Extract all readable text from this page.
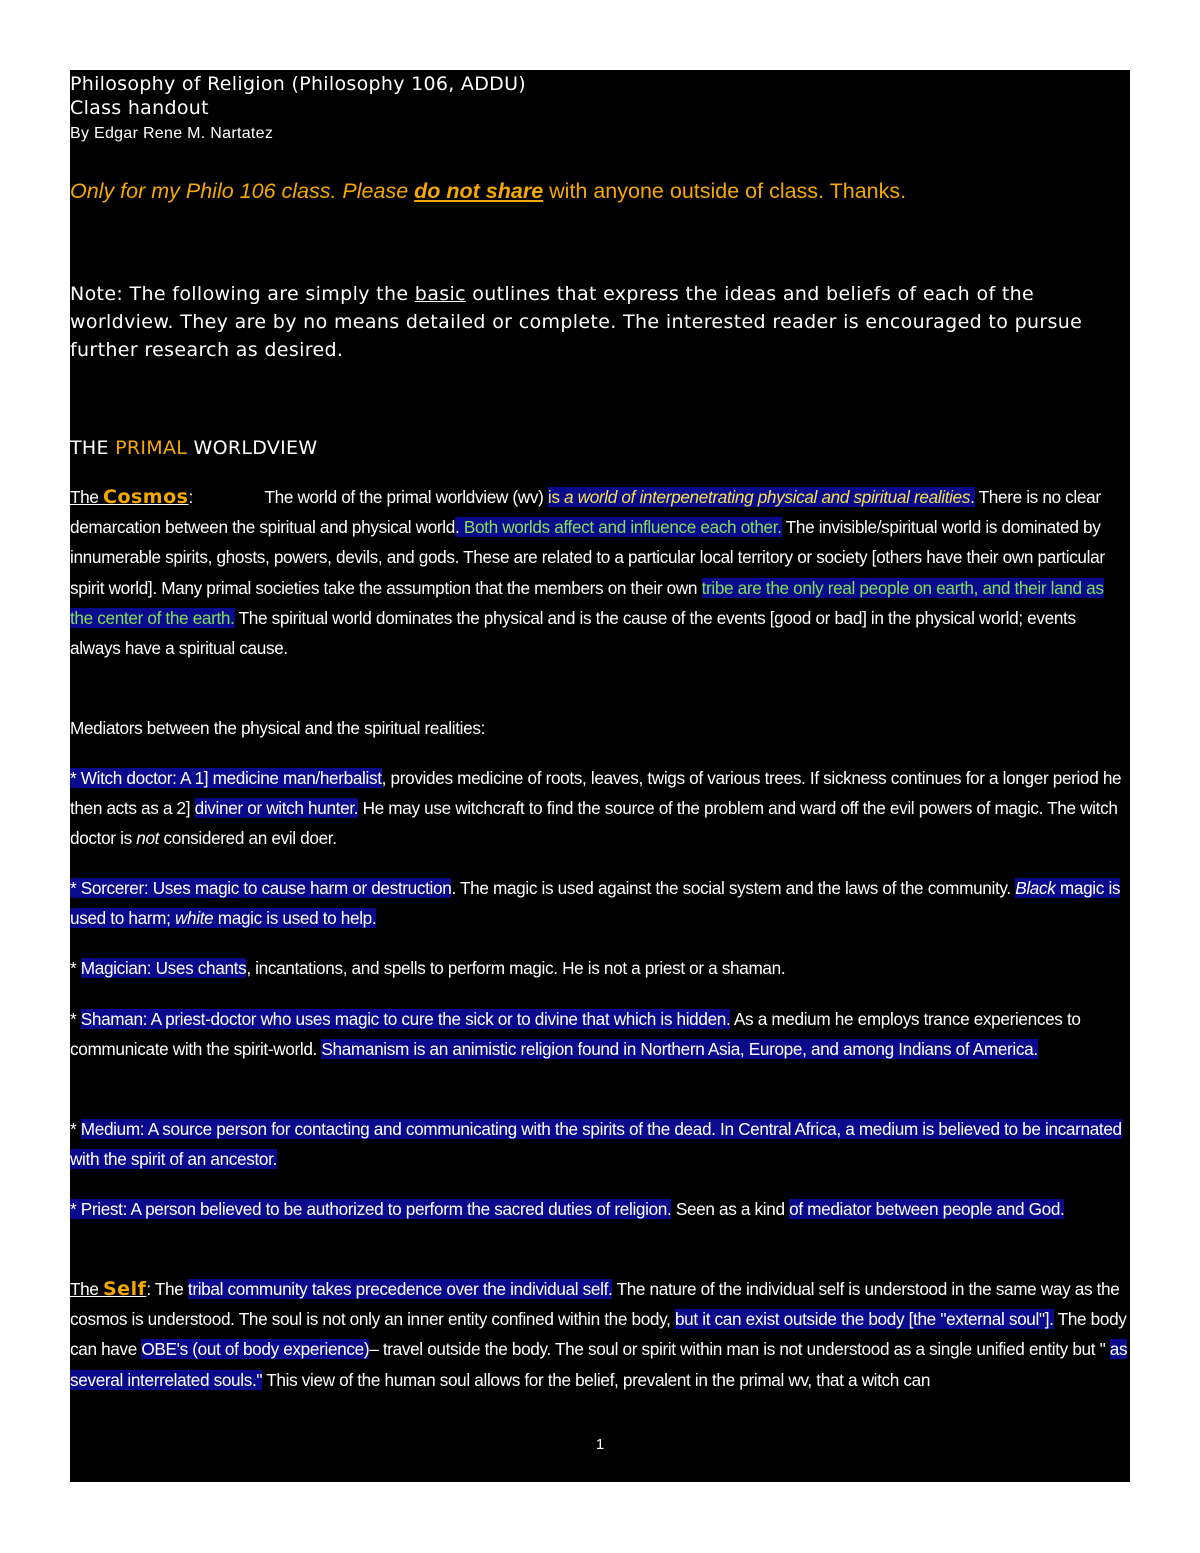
Philosophy of Religion (Philosophy 106, ADDU)
Class handout
By Edgar Rene M. Nartatez
Only for my Philo 106 class. Please do not share with anyone outside of class. Thanks.
Note: The following are simply the basic outlines that express the ideas and beliefs of each of the worldview. They are by no means detailed or complete. The interested reader is encouraged to pursue further research as desired.
THE PRIMAL WORLDVIEW
The Cosmos:	The world of the primal worldview (wv) is a world of interpenetrating physical and spiritual realities. There is no clear demarcation between the spiritual and physical world. Both worlds affect and influence each other. The invisible/spiritual world is dominated by innumerable spirits, ghosts, powers, devils, and gods. These are related to a particular local territory or society [others have their own particular spirit world]. Many primal societies take the assumption that the members on their own tribe are the only real people on earth, and their land as the center of the earth. The spiritual world dominates the physical and is the cause of the events [good or bad] in the physical world; events always have a spiritual cause.
Mediators between the physical and the spiritual realities:
* Witch doctor: A 1] medicine man/herbalist, provides medicine of roots, leaves, twigs of various trees. If sickness continues for a longer period he then acts as a 2] diviner or witch hunter. He may use witchcraft to find the source of the problem and ward off the evil powers of magic. The witch doctor is not considered an evil doer.
* Sorcerer: Uses magic to cause harm or destruction. The magic is used against the social system and the laws of the community. Black magic is used to harm; white magic is used to help.
* Magician: Uses chants, incantations, and spells to perform magic. He is not a priest or a shaman.
* Shaman: A priest-doctor who uses magic to cure the sick or to divine that which is hidden. As a medium he employs trance experiences to communicate with the spirit-world. Shamanism is an animistic religion found in Northern Asia, Europe, and among Indians of America.
* Medium: A source person for contacting and communicating with the spirits of the dead. In Central Africa, a medium is believed to be incarnated with the spirit of an ancestor.
* Priest: A person believed to be authorized to perform the sacred duties of religion. Seen as a kind of mediator between people and God.
The Self: The tribal community takes precedence over the individual self. The nature of the individual self is understood in the same way as the cosmos is understood. The soul is not only an inner entity confined within the body, but it can exist outside the body [the "external soul"]. The body can have OBE's (out of body experience)– travel outside the body. The soul or spirit within man is not understood as a single unified entity but " as several interrelated souls." This view of the human soul allows for the belief, prevalent in the primal wv, that a witch can
1
